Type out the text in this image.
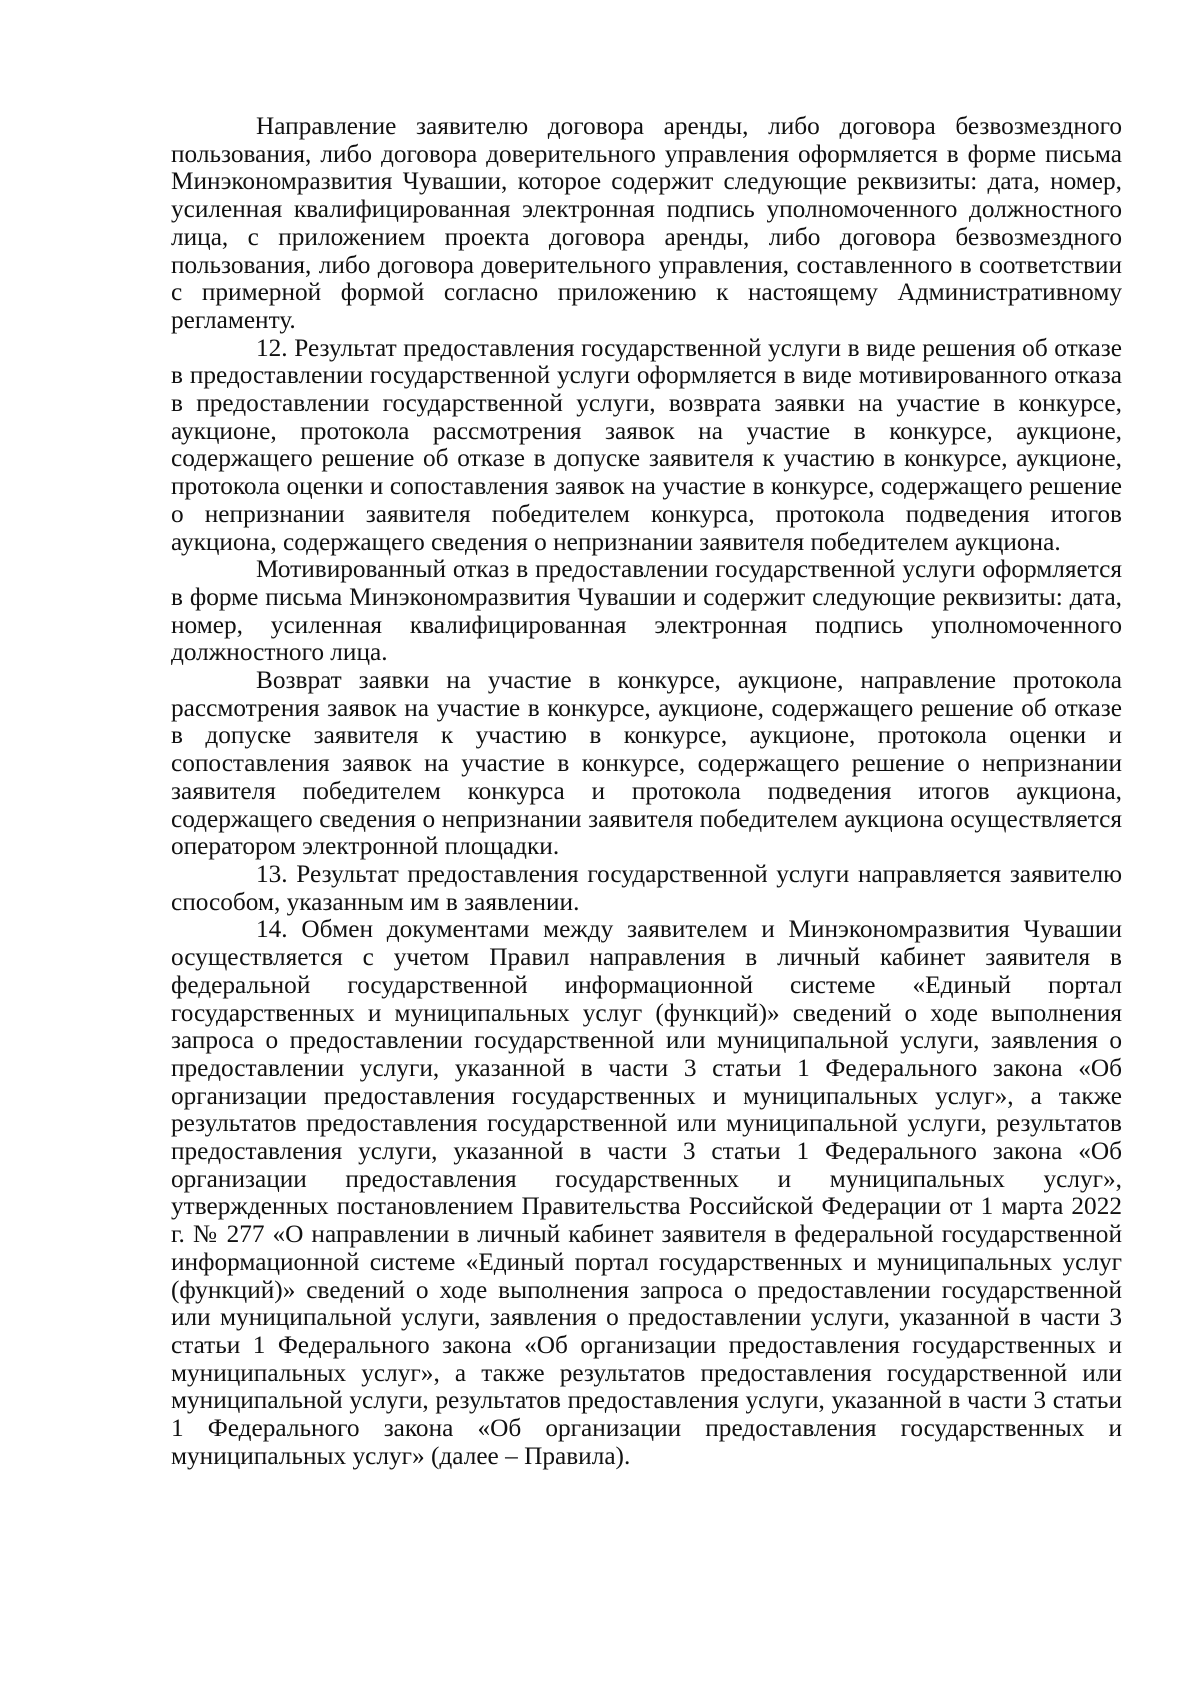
Направление заявителю договора аренды, либо договора безвозмездного пользования, либо договора доверительного управления оформляется в форме письма Минэкономразвития Чувашии, которое содержит следующие реквизиты: дата, номер, усиленная квалифицированная электронная подпись уполномоченного должностного лица, с приложением проекта договора аренды, либо договора безвозмездного пользования, либо договора доверительного управления, составленного в соответствии с примерной формой согласно приложению к настоящему Административному регламенту.

12. Результат предоставления государственной услуги в виде решения об отказе в предоставлении государственной услуги оформляется в виде мотивированного отказа в предоставлении государственной услуги, возврата заявки на участие в конкурсе, аукционе, протокола рассмотрения заявок на участие в конкурсе, аукционе, содержащего решение об отказе в допуске заявителя к участию в конкурсе, аукционе, протокола оценки и сопоставления заявок на участие в конкурсе, содержащего решение о непризнании заявителя победителем конкурса, протокола подведения итогов аукциона, содержащего сведения о непризнании заявителя победителем аукциона.

Мотивированный отказ в предоставлении государственной услуги оформляется в форме письма Минэкономразвития Чувашии и содержит следующие реквизиты: дата, номер, усиленная квалифицированная электронная подпись уполномоченного должностного лица.

Возврат заявки на участие в конкурсе, аукционе, направление протокола рассмотрения заявок на участие в конкурсе, аукционе, содержащего решение об отказе в допуске заявителя к участию в конкурсе, аукционе, протокола оценки и сопоставления заявок на участие в конкурсе, содержащего решение о непризнании заявителя победителем конкурса и протокола подведения итогов аукциона, содержащего сведения о непризнании заявителя победителем аукциона осуществляется оператором электронной площадки.

13. Результат предоставления государственной услуги направляется заявителю способом, указанным им в заявлении.

14. Обмен документами между заявителем и Минэкономразвития Чувашии осуществляется с учетом Правил направления в личный кабинет заявителя в федеральной государственной информационной системе «Единый портал государственных и муниципальных услуг (функций)» сведений о ходе выполнения запроса о предоставлении государственной или муниципальной услуги, заявления о предоставлении услуги, указанной в части 3 статьи 1 Федерального закона «Об организации предоставления государственных и муниципальных услуг», а также результатов предоставления государственной или муниципальной услуги, результатов предоставления услуги, указанной в части 3 статьи 1 Федерального закона «Об организации предоставления государственных и муниципальных услуг», утвержденных постановлением Правительства Российской Федерации от 1 марта 2022 г. № 277 «О направлении в личный кабинет заявителя в федеральной государственной информационной системе «Единый портал государственных и муниципальных услуг (функций)» сведений о ходе выполнения запроса о предоставлении государственной или муниципальной услуги, заявления о предоставлении услуги, указанной в части 3 статьи 1 Федерального закона «Об организации предоставления государственных и муниципальных услуг», а также результатов предоставления государственной или муниципальной услуги, результатов предоставления услуги, указанной в части 3 статьи 1 Федерального закона «Об организации предоставления государственных и муниципальных услуг» (далее – Правила).
